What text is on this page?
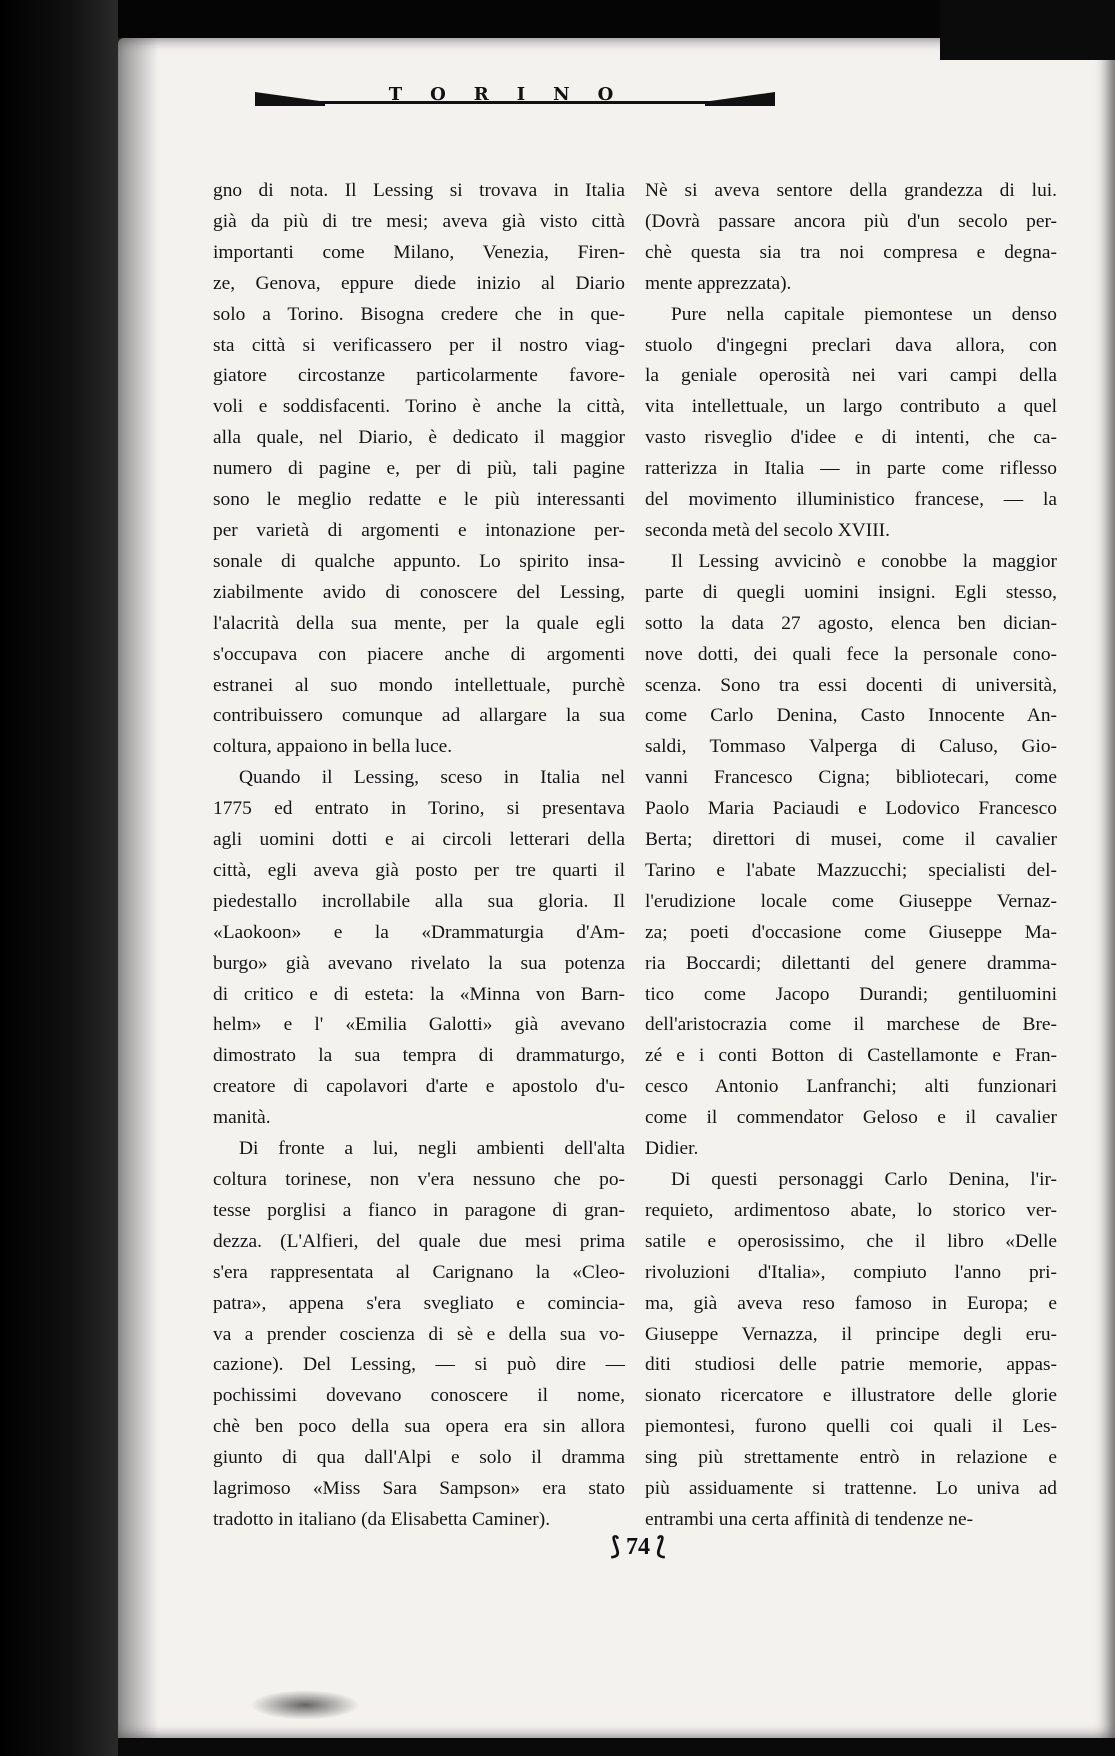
TORINO
gno di nota. Il Lessing si trovava in Italia
già da più di tre mesi; aveva già visto città
importanti come Milano, Venezia, Firen-
ze, Genova, eppure diede inizio al Diario
solo a Torino. Bisogna credere che in que-
sta città si verificassero per il nostro viag-
giatore circostanze particolarmente favore-
voli e soddisfacenti. Torino è anche la città,
alla quale, nel Diario, è dedicato il maggior
numero di pagine e, per di più, tali pagine
sono le meglio redatte e le più interessanti
per varietà di argomenti e intonazione per-
sonale di qualche appunto. Lo spirito insa-
ziabilmente avido di conoscere del Lessing,
l'alacrità della sua mente, per la quale egli
s'occupava con piacere anche di argomenti
estranei al suo mondo intellettuale, purchè
contribuissero comunque ad allargare la sua
coltura, appaiono in bella luce.
Quando il Lessing, sceso in Italia nel
1775 ed entrato in Torino, si presentava
agli uomini dotti e ai circoli letterari della
città, egli aveva già posto per tre quarti il
piedestallo incrollabile alla sua gloria. Il
«Laokoon» e la «Drammaturgia d'Am-
burgo» già avevano rivelato la sua potenza
di critico e di esteta: la «Minna von Barn-
helm» e l' «Emilia Galotti» già avevano
dimostrato la sua tempra di drammaturgo,
creatore di capolavori d'arte e apostolo d'u-
manità.
Di fronte a lui, negli ambienti dell'alta
coltura torinese, non v'era nessuno che po-
tesse porglisi a fianco in paragone di gran-
dezza. (L'Alfieri, del quale due mesi prima
s'era rappresentata al Carignano la «Cleo-
patra», appena s'era svegliato e comincia-
va a prender coscienza di sè e della sua vo-
cazione). Del Lessing, — si può dire —
pochissimi dovevano conoscere il nome,
chè ben poco della sua opera era sin allora
giunto di qua dall'Alpi e solo il dramma
lagrimoso «Miss Sara Sampson» era stato
tradotto in italiano (da Elisabetta Caminer).
Nè si aveva sentore della grandezza di lui.
(Dovrà passare ancora più d'un secolo per-
chè questa sia tra noi compresa e degna-
mente apprezzata).
Pure nella capitale piemontese un denso
stuolo d'ingegni preclari dava allora, con
la geniale operosità nei vari campi della
vita intellettuale, un largo contributo a quel
vasto risveglio d'idee e di intenti, che ca-
ratterizza in Italia — in parte come riflesso
del movimento illuministico francese, — la
seconda metà del secolo XVIII.
Il Lessing avvicinò e conobbe la maggior
parte di quegli uomini insigni. Egli stesso,
sotto la data 27 agosto, elenca ben dician-
nove dotti, dei quali fece la personale cono-
scenza. Sono tra essi docenti di università,
come Carlo Denina, Casto Innocente An-
saldi, Tommaso Valperga di Caluso, Gio-
vanni Francesco Cigna; bibliotecari, come
Paolo Maria Paciaudi e Lodovico Francesco
Berta; direttori di musei, come il cavalier
Tarino e l'abate Mazzucchi; specialisti del-
l'erudizione locale come Giuseppe Vernaz-
za; poeti d'occasione come Giuseppe Ma-
ria Boccardi; dilettanti del genere dramma-
tico come Jacopo Durandi; gentiluomini
dell'aristocrazia come il marchese de Bre-
zé e i conti Botton di Castellamonte e Fran-
cesco Antonio Lanfranchi; alti funzionari
come il commendator Geloso e il cavalier
Didier.
Di questi personaggi Carlo Denina, l'ir-
requieto, ardimentoso abate, lo storico ver-
satile e operosissimo, che il libro «Delle
rivoluzioni d'Italia», compiuto l'anno pri-
ma, già aveva reso famoso in Europa; e
Giuseppe Vernazza, il principe degli eru-
diti studiosi delle patrie memorie, appas-
sionato ricercatore e illustratore delle glorie
piemontesi, furono quelli coi quali il Les-
sing più strettamente entrò in relazione e
più assiduamente si trattenne. Lo univa ad
entrambi una certa affinità di tendenze ne-
⟆ 74 ⟅
